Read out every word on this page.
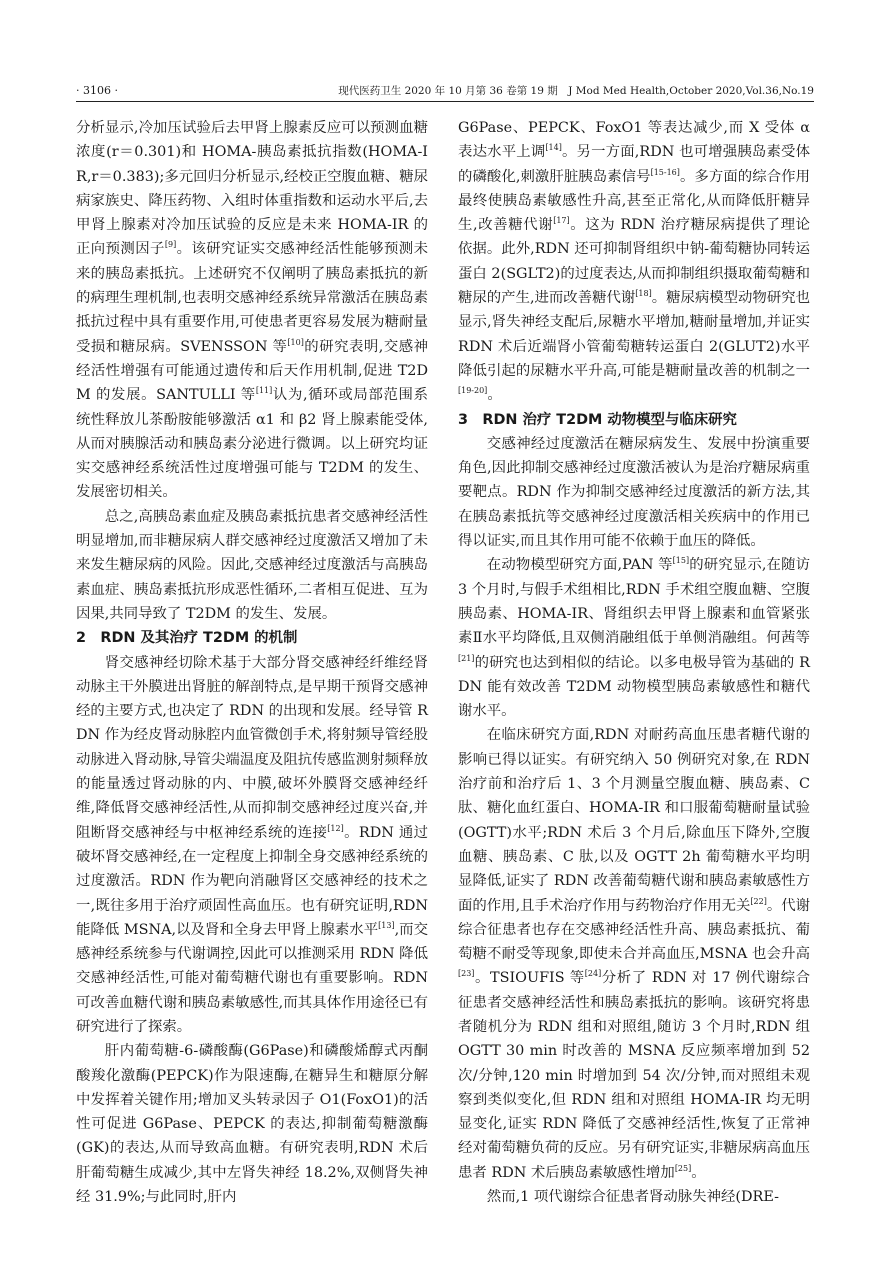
· 3106 ·	现代医药卫生 2020 年 10 月第 36 卷第 19 期　J Mod Med Health,October 2020,Vol.36,No.19

分析显示,冷加压试验后去甲肾上腺素反应可以预测血糖浓度(r＝0.301)和 HOMA-胰岛素抵抗指数(HOMA-IR,r＝0.383);多元回归分析显示,经校正空腹血糖、糖尿病家族史、降压药物、入组时体重指数和运动水平后,去甲肾上腺素对冷加压试验的反应是未来 HOMA-IR 的正向预测因子[9]。该研究证实交感神经活性能够预测未来的胰岛素抵抗。上述研究不仅阐明了胰岛素抵抗的新的病理生理机制,也表明交感神经系统异常激活在胰岛素抵抗过程中具有重要作用,可使患者更容易发展为糖耐量受损和糖尿病。SVENSSON 等[10]的研究表明,交感神经活性增强有可能通过遗传和后天作用机制,促进 T2DM 的发展。SANTULLI 等[11]认为,循环或局部范围系统性释放儿茶酚胺能够激活 α1 和 β2 肾上腺素能受体,从而对胰腺活动和胰岛素分泌进行微调。以上研究均证实交感神经系统活性过度增强可能与 T2DM 的发生、发展密切相关。

总之,高胰岛素血症及胰岛素抵抗患者交感神经活性明显增加,而非糖尿病人群交感神经过度激活又增加了未来发生糖尿病的风险。因此,交感神经过度激活与高胰岛素血症、胰岛素抵抗形成恶性循环,二者相互促进、互为因果,共同导致了 T2DM 的发生、发展。

2 RDN 及其治疗 T2DM 的机制

肾交感神经切除术基于大部分肾交感神经纤维经肾动脉主干外膜进出肾脏的解剖特点,是早期干预肾交感神经的主要方式,也决定了 RDN 的出现和发展。经导管 RDN 作为经皮肾动脉腔内血管微创手术,将射频导管经股动脉进入肾动脉,导管尖端温度及阻抗传感监测射频释放的能量透过肾动脉的内、中膜,破坏外膜肾交感神经纤维,降低肾交感神经活性,从而抑制交感神经过度兴奋,并阻断肾交感神经与中枢神经系统的连接[12]。RDN 通过破坏肾交感神经,在一定程度上抑制全身交感神经系统的过度激活。RDN 作为靶向消融肾区交感神经的技术之一,既往多用于治疗顽固性高血压。也有研究证明,RDN 能降低 MSNA,以及肾和全身去甲肾上腺素水平[13],而交感神经系统参与代谢调控,因此可以推测采用 RDN 降低交感神经活性,可能对葡萄糖代谢也有重要影响。RDN 可改善血糖代谢和胰岛素敏感性,而其具体作用途径已有研究进行了探索。

肝内葡萄糖-6-磷酸酶(G6Pase)和磷酸烯醇式丙酮酸羧化激酶(PEPCK)作为限速酶,在糖异生和糖原分解中发挥着关键作用;增加叉头转录因子 O1(FoxO1)的活性可促进 G6Pase、PEPCK 的表达,抑制葡萄糖激酶(GK)的表达,从而导致高血糖。有研究表明,RDN 术后肝葡萄糖生成减少,其中左肾失神经 18.2%,双侧肾失神经 31.9%;与此同时,肝内

G6Pase、PEPCK、FoxO1 等表达减少,而 X 受体 α 表达水平上调[14]。另一方面,RDN 也可增强胰岛素受体的磷酸化,刺激肝脏胰岛素信号[15-16]。多方面的综合作用最终使胰岛素敏感性升高,甚至正常化,从而降低肝糖异生,改善糖代谢[17]。这为 RDN 治疗糖尿病提供了理论依据。此外,RDN 还可抑制肾组织中钠-葡萄糖协同转运蛋白 2(SGLT2)的过度表达,从而抑制组织摄取葡萄糖和糖尿的产生,进而改善糖代谢[18]。糖尿病模型动物研究也显示,肾失神经支配后,尿糖水平增加,糖耐量增加,并证实 RDN 术后近端肾小管葡萄糖转运蛋白 2(GLUT2)水平降低引起的尿糖水平升高,可能是糖耐量改善的机制之一[19-20]。

3 RDN 治疗 T2DM 动物模型与临床研究

交感神经过度激活在糖尿病发生、发展中扮演重要角色,因此抑制交感神经过度激活被认为是治疗糖尿病重要靶点。RDN 作为抑制交感神经过度激活的新方法,其在胰岛素抵抗等交感神经过度激活相关疾病中的作用已得以证实,而且其作用可能不依赖于血压的降低。

在动物模型研究方面,PAN 等[15]的研究显示,在随访 3 个月时,与假手术组相比,RDN 手术组空腹血糖、空腹胰岛素、HOMA-IR、肾组织去甲肾上腺素和血管紧张素Ⅱ水平均降低,且双侧消融组低于单侧消融组。何茜等[21]的研究也达到相似的结论。以多电极导管为基础的 RDN 能有效改善 T2DM 动物模型胰岛素敏感性和糖代谢水平。

在临床研究方面,RDN 对耐药高血压患者糖代谢的影响已得以证实。有研究纳入 50 例研究对象,在 RDN 治疗前和治疗后 1、3 个月测量空腹血糖、胰岛素、C 肽、糖化血红蛋白、HOMA-IR 和口服葡萄糖耐量试验(OGTT)水平;RDN 术后 3 个月后,除血压下降外,空腹血糖、胰岛素、C 肽,以及 OGTT 2h 葡萄糖水平均明显降低,证实了 RDN 改善葡萄糖代谢和胰岛素敏感性方面的作用,且手术治疗作用与药物治疗作用无关[22]。代谢综合征患者也存在交感神经活性升高、胰岛素抵抗、葡萄糖不耐受等现象,即使未合并高血压,MSNA 也会升高[23]。TSIOUFIS 等[24]分析了 RDN 对 17 例代谢综合征患者交感神经活性和胰岛素抵抗的影响。该研究将患者随机分为 RDN 组和对照组,随访 3 个月时,RDN 组 OGTT 30 min 时改善的 MSNA 反应频率增加到 52 次/分钟,120 min 时增加到 54 次/分钟,而对照组未观察到类似变化,但 RDN 组和对照组 HOMA-IR 均无明显变化,证实 RDN 降低了交感神经活性,恢复了正常神经对葡萄糖负荷的反应。另有研究证实,非糖尿病高血压患者 RDN 术后胰岛素敏感性增加[25]。

然而,1 项代谢综合征患者肾动脉失神经(DRE-
